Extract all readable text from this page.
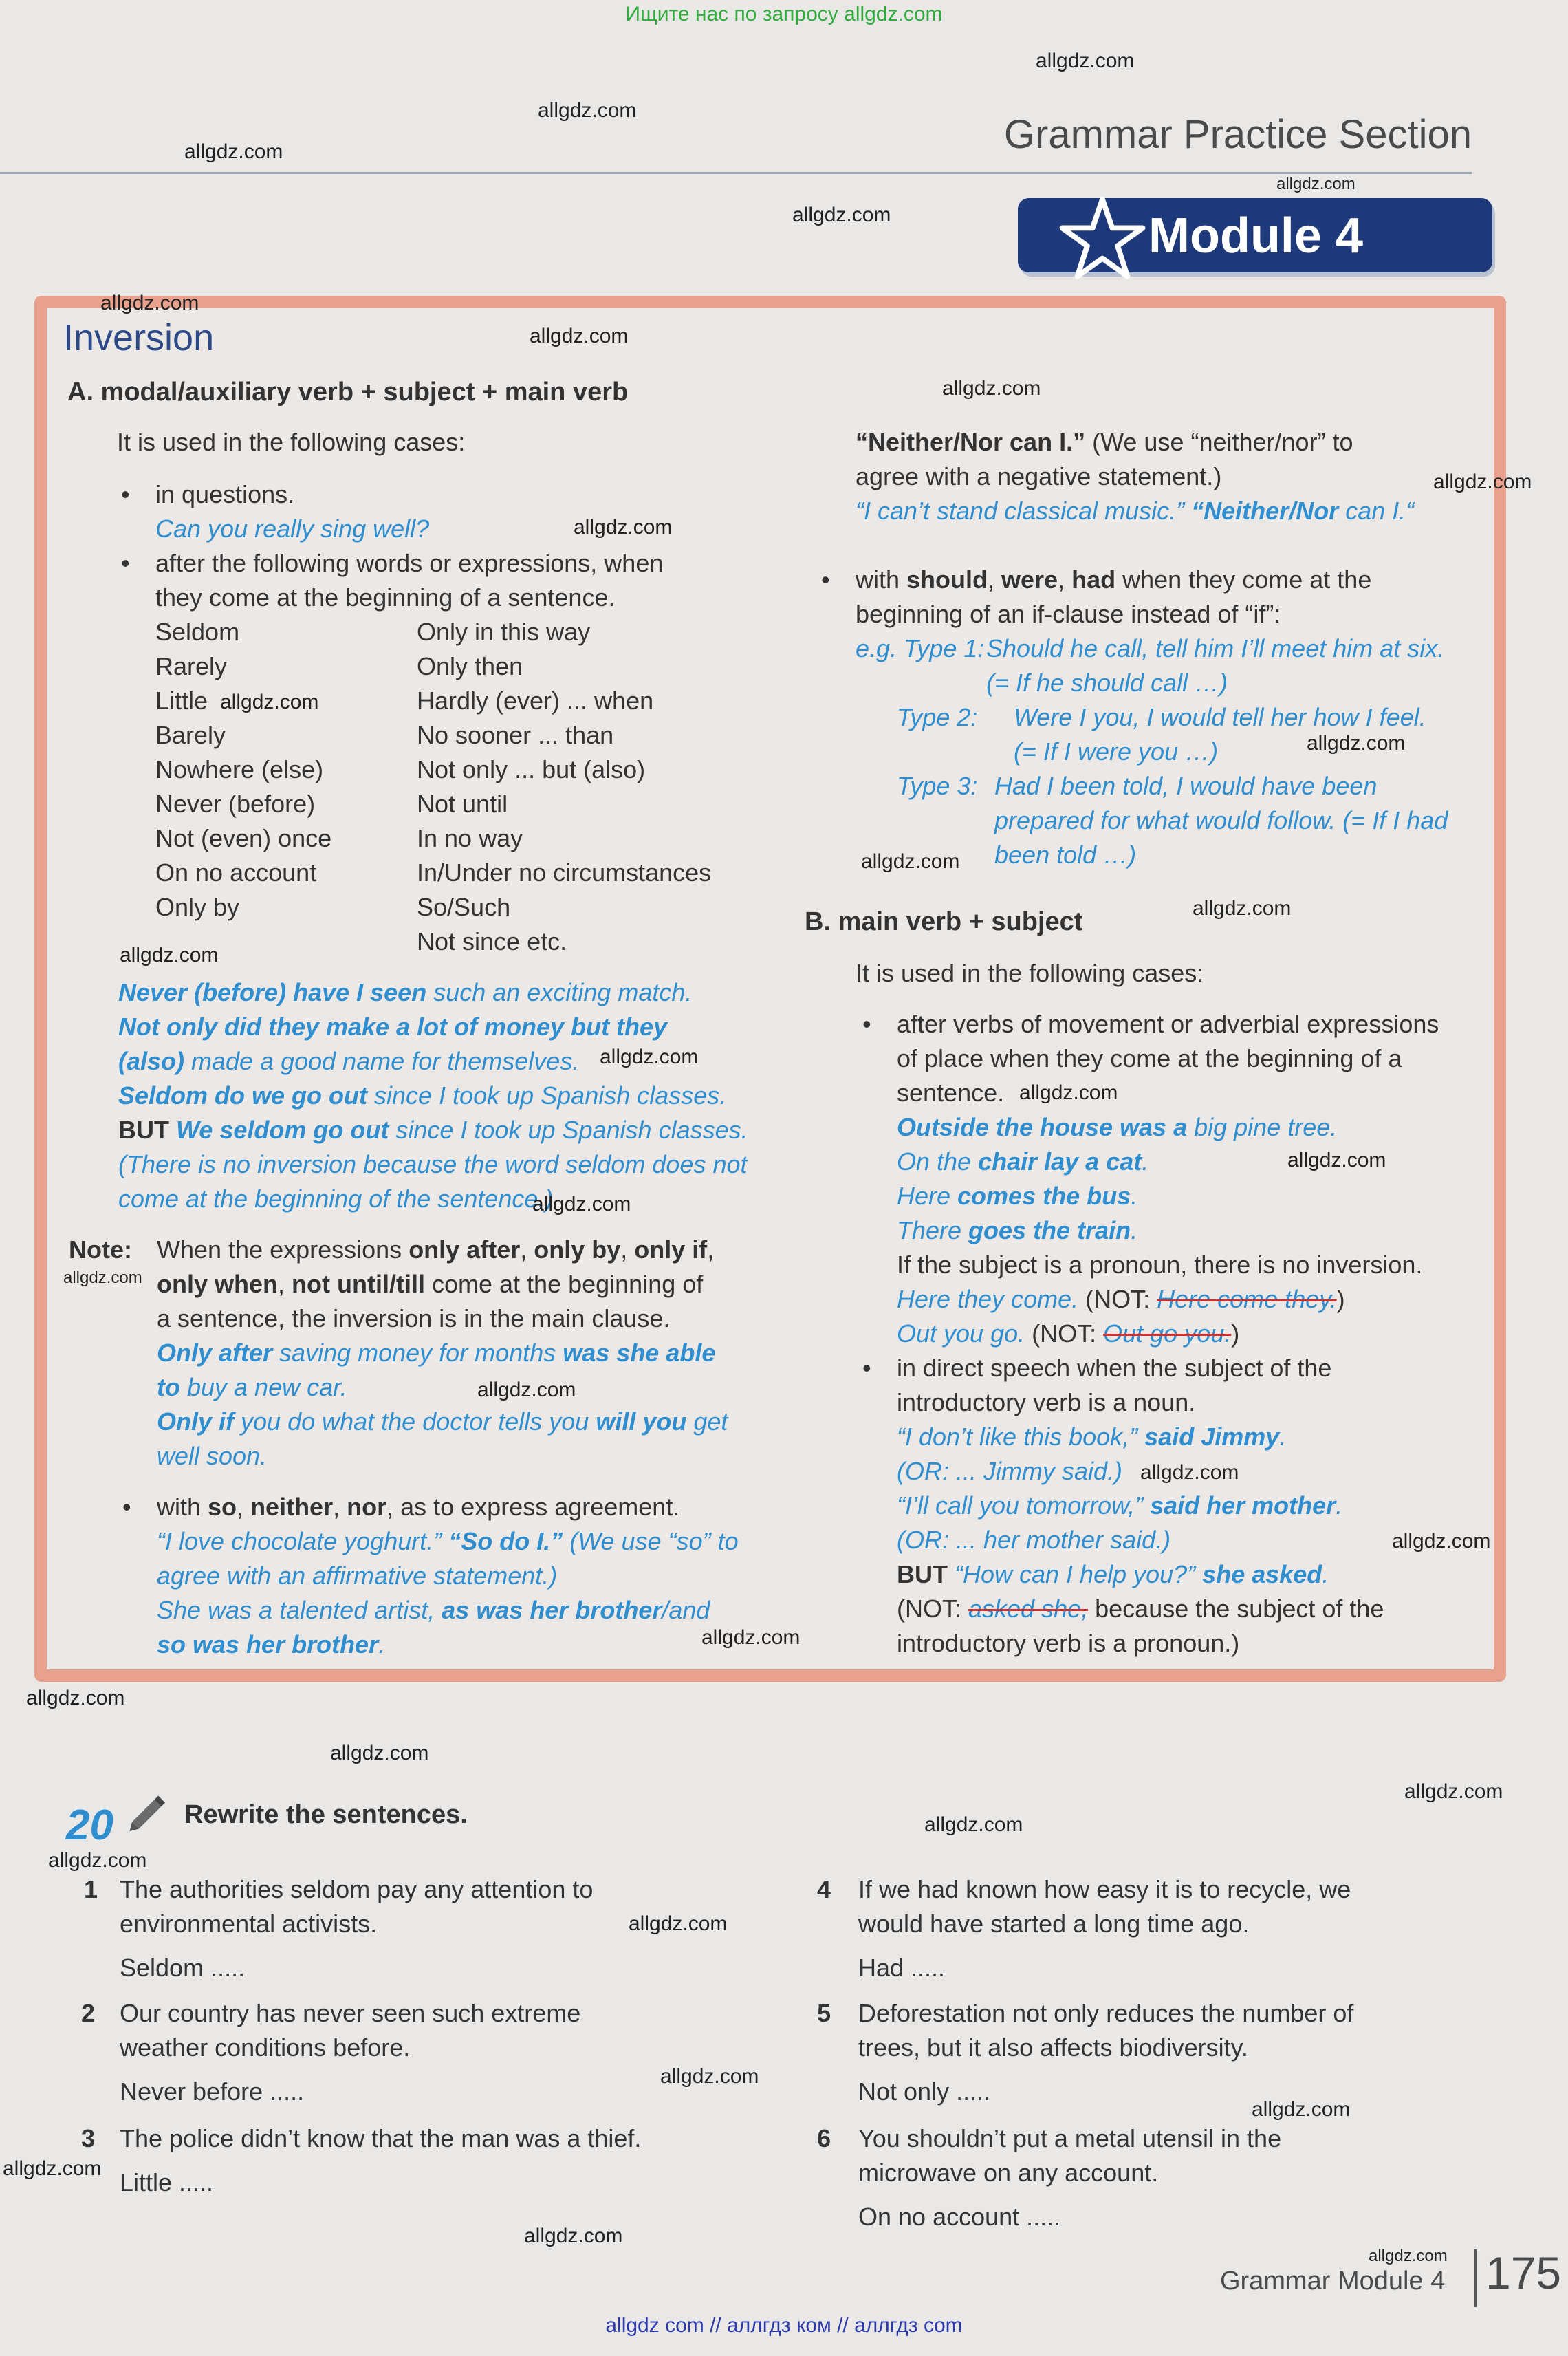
Ищите нас по запросу allgdz.com
allgdz com // аллгдз ком // аллгдз com
Grammar Practice Section
Module 4
Inversion
A. modal/auxiliary verb + subject + main verb
It is used in the following cases:
• in questions.
Can you really sing well?
• after the following words or expressions, when
they come at the beginning of a sentence.
Seldom
Rarely
Little
Barely
Nowhere (else)
Never (before)
Not (even) once
On no account
Only by
Only in this way
Only then
Hardly (ever) ... when
No sooner ... than
Not only ... but (also)
Not until
In no way
In/Under no circumstances
So/Such
Not since etc.
Never (before) have I seen such an exciting match.
Not only did they make a lot of money but they
(also) made a good name for themselves.
Seldom do we go out since I took up Spanish classes.
BUT We seldom go out since I took up Spanish classes.
(There is no inversion because the word seldom does not
come at the beginning of the sentence.)
Note: When the expressions only after, only by, only if,
only when, not until/till come at the beginning of
a sentence, the inversion is in the main clause.
Only after saving money for months was she able
to buy a new car.
Only if you do what the doctor tells you will you get
well soon.
• with so, neither, nor, as to express agreement.
“I love chocolate yoghurt.” “So do I.” (We use “so” to
agree with an affirmative statement.)
She was a talented artist, as was her brother/and
so was her brother.
“Neither/Nor can I.” (We use “neither/nor” to
agree with a negative statement.)
“I can’t stand classical music.” “Neither/Nor can I.“
• with should, were, had when they come at the
beginning of an if-clause instead of “if”:
e.g. Type 1: Should he call, tell him I’ll meet him at six.
(= If he should call …)
Type 2: Were I you, I would tell her how I feel.
(= If I were you …)
Type 3: Had I been told, I would have been
prepared for what would follow. (= If I had
been told …)
B. main verb + subject
It is used in the following cases:
• after verbs of movement or adverbial expressions
of place when they come at the beginning of a
sentence.
Outside the house was a big pine tree.
On the chair lay a cat.
Here comes the bus.
There goes the train.
If the subject is a pronoun, there is no inversion.
Here they come. (NOT: Here come they.)
Out you go. (NOT: Out go you.)
• in direct speech when the subject of the
introductory verb is a noun.
“I don’t like this book,” said Jimmy.
(OR: ... Jimmy said.)
“I’ll call you tomorrow,” said her mother.
(OR: ... her mother said.)
BUT “How can I help you?” she asked.
(NOT: asked she, because the subject of the
introductory verb is a pronoun.)
20	Rewrite the sentences.
1 The authorities seldom pay any attention to
environmental activists.
Seldom .....
2 Our country has never seen such extreme
weather conditions before.
Never before .....
3 The police didn’t know that the man was a thief.
Little .....
4 If we had known how easy it is to recycle, we
would have started a long time ago.
Had .....
5 Deforestation not only reduces the number of
trees, but it also affects biodiversity.
Not only .....
6 You shouldn’t put a metal utensil in the
microwave on any account.
On no account .....
Grammar Module 4 175
allgdz.com
allgdz.com
allgdz.com
allgdz.com
allgdz.com
allgdz.com
allgdz.com
allgdz.com
allgdz.com
allgdz.com
allgdz.com
allgdz.com
allgdz.com
allgdz.com
allgdz.com
allgdz.com
allgdz.com
allgdz.com
allgdz.com
allgdz.com
allgdz.com
allgdz.com
allgdz.com
allgdz.com
allgdz.com
allgdz.com
allgdz.com
allgdz.com
allgdz.com
allgdz.com
allgdz.com
allgdz.com
allgdz.com
allgdz.com
allgdz.com
